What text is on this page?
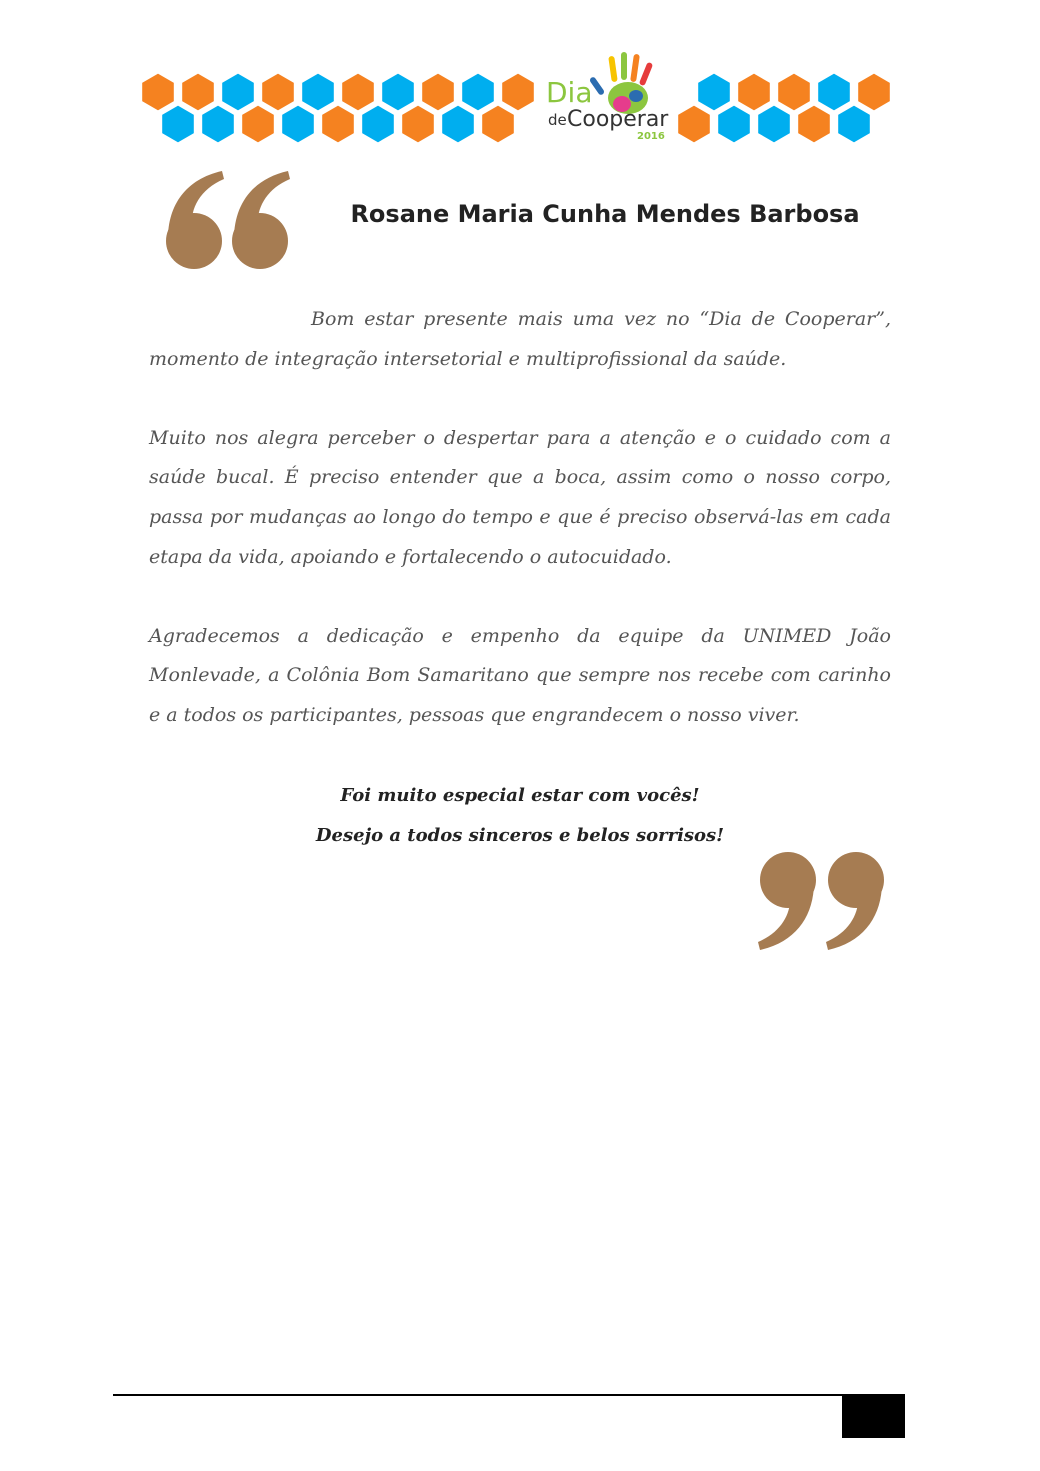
Dia
de Cooperar
2016
Rosane Maria Cunha Mendes Barbosa

Bom estar presente mais uma vez no “Dia de Cooperar”, momento de integração intersetorial e multiprofissional da saúde.

Muito nos alegra perceber o despertar para a atenção e o cuidado com a saúde bucal. É preciso entender que a boca, assim como o nosso corpo, passa por mudanças ao longo do tempo e que é preciso observá-las em cada etapa da vida, apoiando e fortalecendo o autocuidado.

Agradecemos a dedicação e empenho da equipe da UNIMED João Monlevade, a Colônia Bom Samaritano que sempre nos recebe com carinho e a todos os participantes, pessoas que engrandecem o nosso viver.

Foi muito especial estar com vocês!
Desejo a todos sinceros e belos sorrisos!
